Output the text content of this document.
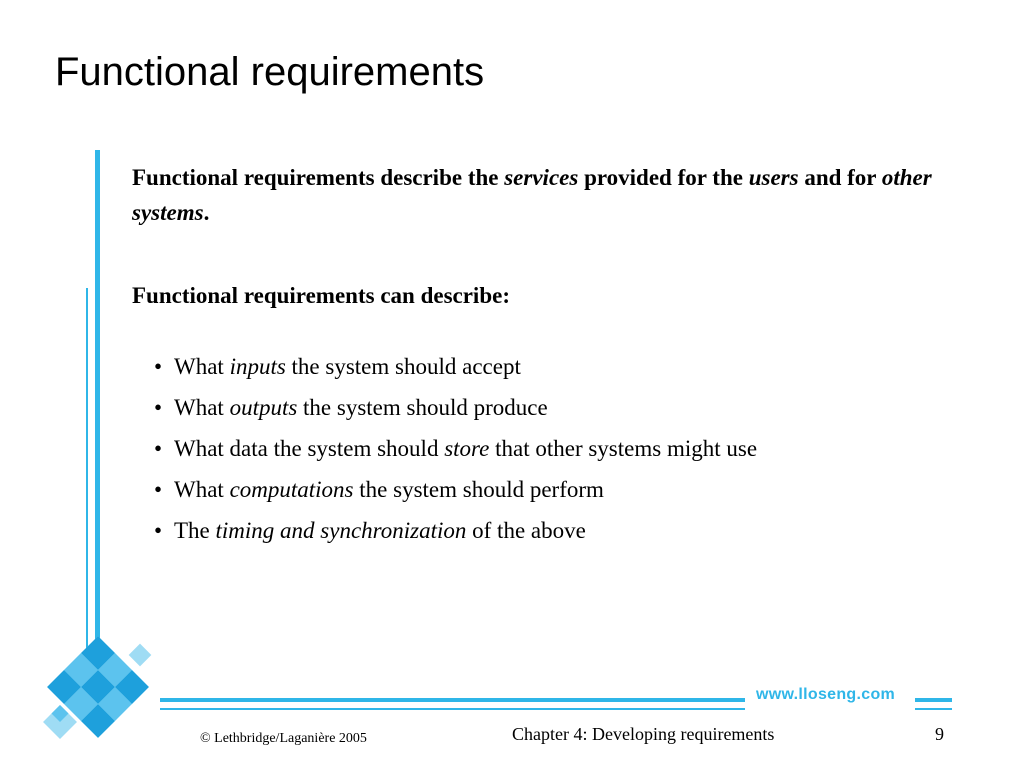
Functional requirements
www.lloseng.com

Functional requirements describe the services provided for the users and for other systems.

Functional requirements can describe:

• What inputs the system should accept
• What outputs the system should produce
• What data the system should store that other systems might use
• What computations the system should perform
• The timing and synchronization of the above
© Lethbridge/Laganière 2005	Chapter 4: Developing requirements	9
